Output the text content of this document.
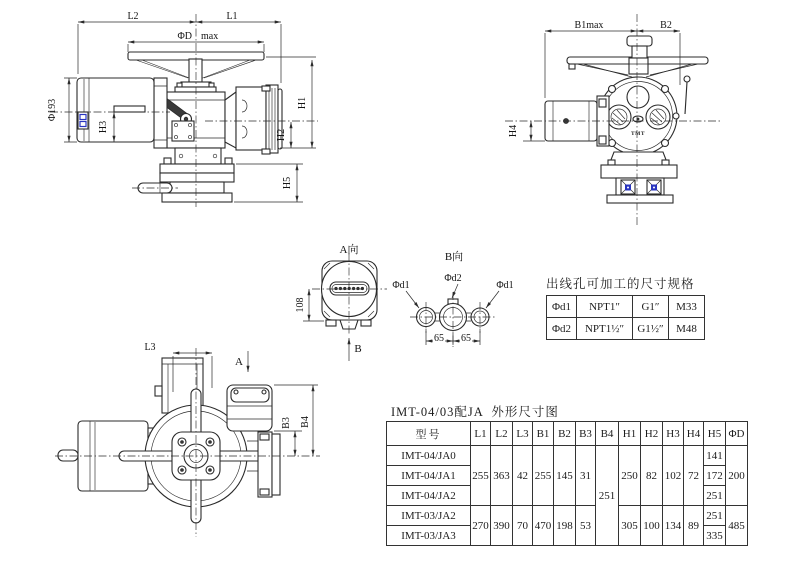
L2	L1
ΦD max
Φ193
H3
H1
H2
H5
TMT
B1max	B2
H4
A向
108
B
B向
Φd1
Φd2
Φd1
65 65
L3
A
B3 B4
出线孔可加工的尺寸规格
Φd1	NPT1″	G1″	M33
Φd2	NPT1½″	G1½″	M48
IMT-04/03配JA  外形尺寸图
型号	L1	L2	L3	B1	B2	B3	B4	H1	H2	H3	H4	H5	ΦD
IMT-04/JA0	255	363	42	255	145	31	251	250	82	102	72	141	200
IMT-04/JA1												172	
IMT-04/JA2												251	
IMT-03/JA2	270	390	70	470	198	53		305	100	134	89	251	485
IMT-03/JA3												335	
